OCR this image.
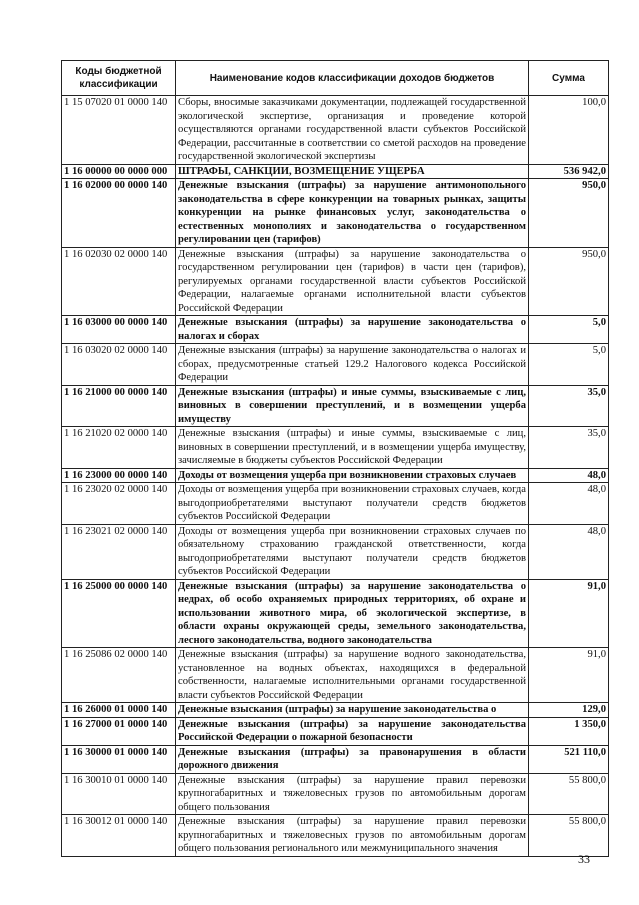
Коды бюджетной классификации	Наименование кодов классификации доходов бюджетов	Сумма
1 15 07020 01 0000 140	Сборы, вносимые заказчиками документации, подлежащей государственной экологической экспертизе, организация и проведение которой осуществляются органами государственной власти субъектов Российской Федерации, рассчитанные в соответствии со сметой расходов на проведение государственной экологической экспертизы	100,0
1 16 00000 00 0000 000	ШТРАФЫ, САНКЦИИ, ВОЗМЕЩЕНИЕ УЩЕРБА	536 942,0
1 16 02000 00 0000 140	Денежные взыскания (штрафы) за нарушение антимонопольного законодательства в сфере конкуренции на товарных рынках, защиты конкуренции на рынке финансовых услуг, законодательства о естественных монополиях и законодательства о государственном регулировании цен (тарифов)	950,0
1 16 02030 02 0000 140	Денежные взыскания (штрафы) за нарушение законодательства о государственном регулировании цен (тарифов) в части цен (тарифов), регулируемых органами государственной власти субъектов Российской Федерации, налагаемые органами исполнительной власти субъектов Российской Федерации	950,0
1 16 03000 00 0000 140	Денежные взыскания (штрафы) за нарушение законодательства о налогах и сборах	5,0
1 16 03020 02 0000 140	Денежные взыскания (штрафы) за нарушение законодательства о налогах и сборах, предусмотренные статьей 129.2 Налогового кодекса Российской Федерации	5,0
1 16 21000 00 0000 140	Денежные взыскания (штрафы) и иные суммы, взыскиваемые с лиц, виновных в совершении преступлений, и в возмещении ущерба имуществу	35,0
1 16 21020 02 0000 140	Денежные взыскания (штрафы) и иные суммы, взыскиваемые с лиц, виновных в совершении преступлений, и в возмещении ущерба имуществу, зачисляемые в бюджеты субъектов Российской Федерации	35,0
1 16 23000 00 0000 140	Доходы от возмещения ущерба при возникновении страховых случаев	48,0
1 16 23020 02 0000 140	Доходы от возмещения ущерба при возникновении страховых случаев, когда выгодоприобретателями выступают получатели средств бюджетов субъектов Российской Федерации	48,0
1 16 23021 02 0000 140	Доходы от возмещения ущерба при возникновении страховых случаев по обязательному страхованию гражданской ответственности, когда выгодоприобретателями выступают получатели средств бюджетов субъектов Российской Федерации	48,0
1 16 25000 00 0000 140	Денежные взыскания (штрафы) за нарушение законодательства о недрах, об особо охраняемых природных территориях, об охране и использовании животного мира, об экологической экспертизе, в области охраны окружающей среды, земельного законодательства, лесного законодательства, водного законодательства	91,0
1 16 25086 02 0000 140	Денежные взыскания (штрафы) за нарушение водного законодательства, установленное на водных объектах, находящихся в федеральной собственности, налагаемые исполнительными органами государственной власти субъектов Российской Федерации	91,0
1 16 26000 01 0000 140	Денежные взыскания (штрафы) за нарушение законодательства о	129,0
1 16 27000 01 0000 140	Денежные взыскания (штрафы) за нарушение законодательства Российской Федерации о пожарной безопасности	1 350,0
1 16 30000 01 0000 140	Денежные взыскания (штрафы) за правонарушения в области дорожного движения	521 110,0
1 16 30010 01 0000 140	Денежные взыскания (штрафы) за нарушение правил перевозки крупногабаритных и тяжеловесных грузов по автомобильным дорогам общего пользования	55 800,0
1 16 30012 01 0000 140	Денежные взыскания (штрафы) за нарушение правил перевозки крупногабаритных и тяжеловесных грузов по автомобильным дорогам общего пользования регионального или межмуниципального значения	55 800,0
33
